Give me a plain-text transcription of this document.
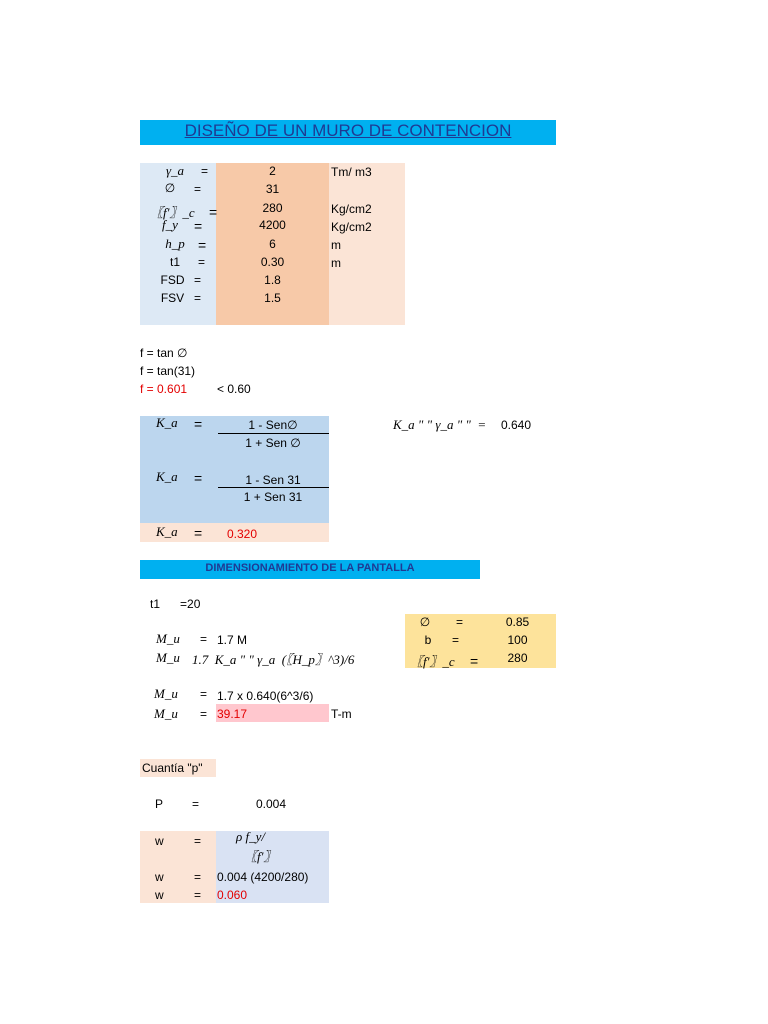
DISEÑO DE UN MURO DE CONTENCION
γ_a	=	2	Tm/ m3
∅	=	31
〖f'〗_c	=	280	Kg/cm2
f_y	=	4200	Kg/cm2
h_p =	6	m
t1	=	0.30	m
FSD =	1.8
FSV =	1.5
f = tan ∅
f = tan(31)
f = 0.601 < 0.60
K_a =	1 - Sen∅
1 + Sen ∅
K_a =	1 - Sen 31
1 + Sen 31
K_a = 0.320
K_a " " γ_a " "  = 0.640
DIMENSIONAMIENTO DE LA PANTALLA
t1      =20
∅	=	0.85
b	=	100
〖f'〗_c	=	280
M_u = 1.7 M
M_u 1.7  K_a " " γ_a  (〖H_p〗^3)/6
M_u = 1.7 x 0.640(6^3/6)
M_u = 39.17	T-m
Cuantía "p"
P =	0.004
w	=	ρ f_y/
〖f'〗
w	= 0.004 (4200/280)
w	= 0.060
